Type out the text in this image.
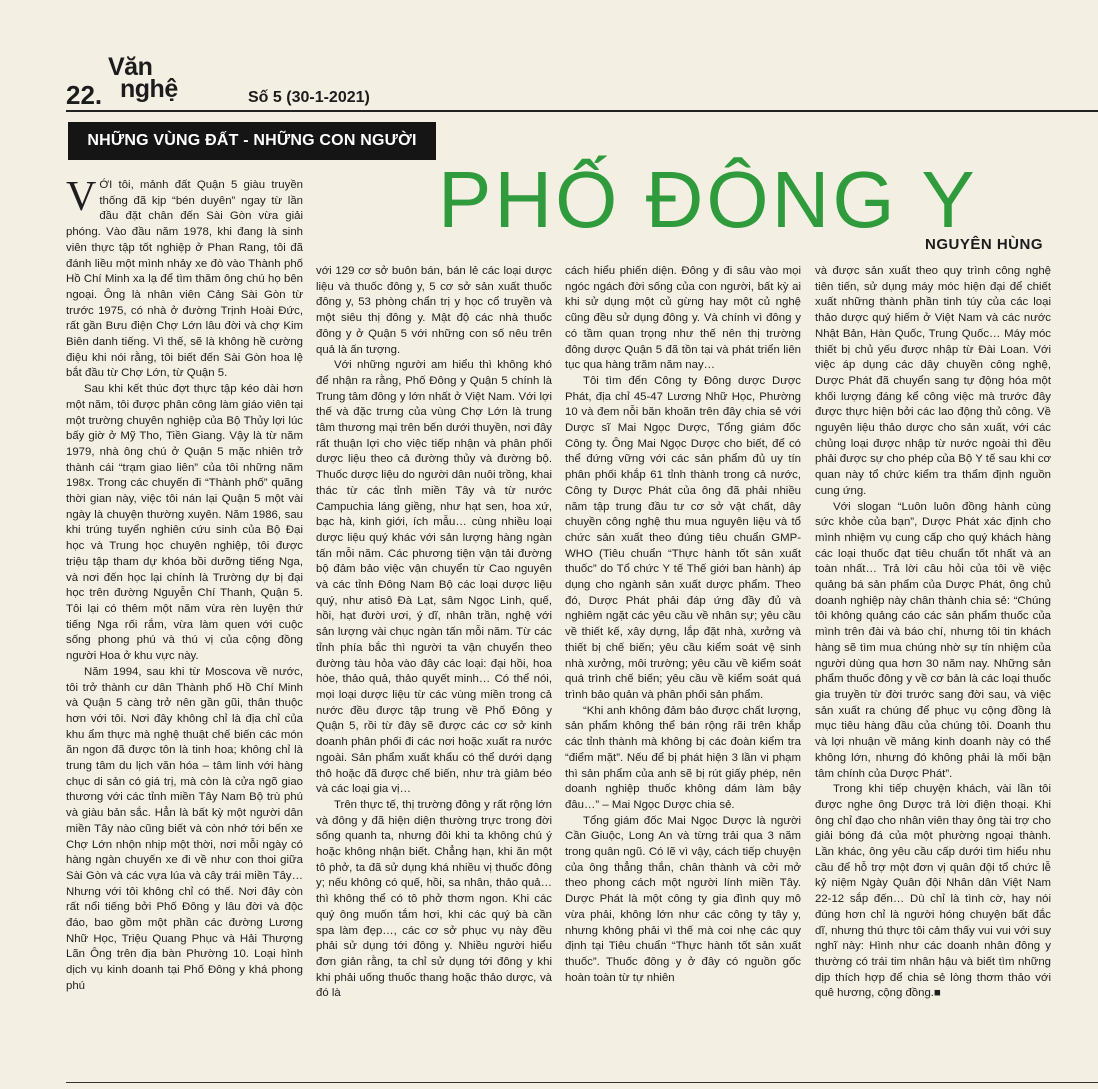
22.
Văn
nghệ	Số 5 (30-1-2021)
NHỮNG VÙNG ĐẤT - NHỮNG CON NGƯỜI
PHỐ ĐÔNG Y
NGUYÊN HÙNG

VỚI tôi, mảnh đất Quận 5 giàu truyền thống đã kịp “bén duyên” ngay từ lần đầu đặt chân đến Sài Gòn vừa giải phóng. Vào đầu năm 1978, khi đang là sinh viên thực tập tốt nghiệp ở Phan Rang, tôi đã đánh liều một mình nhảy xe đò vào Thành phố Hồ Chí Minh xa lạ để tìm thăm ông chú họ bên ngoại. Ông là nhân viên Cảng Sài Gòn từ trước 1975, có nhà ở đường Trịnh Hoài Đức, rất gần Bưu điện Chợ Lớn lâu đời và chợ Kim Biên danh tiếng. Vì thế, sẽ là không hề cường điệu khi nói rằng, tôi biết đến Sài Gòn hoa lệ bắt đầu từ Chợ Lớn, từ Quận 5.

Sau khi kết thúc đợt thực tập kéo dài hơn một năm, tôi được phân công làm giáo viên tại một trường chuyên nghiệp của Bộ Thủy lợi lúc bấy giờ ở Mỹ Tho, Tiền Giang. Vậy là từ năm 1979, nhà ông chú ở Quận 5 mặc nhiên trở thành cái “trạm giao liên” của tôi những năm 198x. Trong các chuyến đi “Thành phố” quãng thời gian này, việc tôi nán lại Quận 5 một vài ngày là chuyện thường xuyên. Năm 1986, sau khi trúng tuyển nghiên cứu sinh của Bộ Đại học và Trung học chuyên nghiệp, tôi được triệu tập tham dự khóa bồi dưỡng tiếng Nga, và nơi đến học lại chính là Trường dự bị đại học trên đường Nguyễn Chí Thanh, Quận 5. Tôi lại có thêm một năm vừa rèn luyện thứ tiếng Nga rối rắm, vừa làm quen với cuộc sống phong phú và thú vị của cộng đồng người Hoa ở khu vực này.

Năm 1994, sau khi từ Moscova về nước, tôi trở thành cư dân Thành phố Hồ Chí Minh và Quận 5 càng trở nên gần gũi, thân thuộc hơn với tôi. Nơi đây không chỉ là địa chỉ của khu ẩm thực mà nghệ thuật chế biến các món ăn ngon đã được tôn là tinh hoa; không chỉ là trung tâm du lịch văn hóa – tâm linh với hàng chục di sản có giá trị, mà còn là cửa ngõ giao thương với các tỉnh miền Tây Nam Bộ trù phú và giàu bản sắc. Hẳn là bất kỳ một người dân miền Tây nào cũng biết và còn nhớ tới bến xe Chợ Lớn nhộn nhịp một thời, nơi mỗi ngày có hàng ngàn chuyến xe đi về như con thoi giữa Sài Gòn và các vựa lúa và cây trái miền Tây… Nhưng với tôi không chỉ có thế. Nơi đây còn rất nổi tiếng bởi Phố Đông y lâu đời và độc đáo, bao gồm một phần các đường Lương Nhữ Học, Triệu Quang Phục và Hải Thượng Lãn Ông trên địa bàn Phường 10. Loại hình dịch vụ kinh doanh tại Phố Đông y khá phong phú

với 129 cơ sở buôn bán, bán lẻ các loại dược liệu và thuốc đông y, 5 cơ sở sản xuất thuốc đông y, 53 phòng chẩn trị y học cổ truyền và một siêu thị đông y. Mật độ các nhà thuốc đông y ở Quận 5 với những con số nêu trên quả là ấn tượng.

Với những người am hiểu thì không khó để nhận ra rằng, Phố Đông y Quận 5 chính là Trung tâm đông y lớn nhất ở Việt Nam. Với lợi thế và đặc trưng của vùng Chợ Lớn là trung tâm thương mại trên bến dưới thuyền, nơi đây rất thuận lợi cho việc tiếp nhận và phân phối dược liệu theo cả đường thủy và đường bộ. Thuốc dược liệu do người dân nuôi trồng, khai thác từ các tỉnh miền Tây và từ nước Campuchia láng giềng, như hạt sen, hoa xứ, bạc hà, kinh giới, ích mẫu… cùng nhiều loại dược liệu quý khác với sản lượng hàng ngàn tấn mỗi năm. Các phương tiện vận tải đường bộ đảm bảo việc vận chuyển từ Cao nguyên và các tỉnh Đông Nam Bộ các loại dược liệu quý, như atisô Đà Lạt, sâm Ngọc Linh, quế, hồi, hạt đười ươi, ý dĩ, nhân trần, nghệ với sản lượng vài chục ngàn tấn mỗi năm. Từ các tỉnh phía bắc thì người ta vận chuyển theo đường tàu hỏa vào đây các loại: đại hồi, hoa hòe, thảo quả, thảo quyết minh… Có thể nói, mọi loại dược liệu từ các vùng miền trong cả nước đều được tập trung về Phố Đông y Quận 5, rồi từ đây sẽ được các cơ sở kinh doanh phân phối đi các nơi hoặc xuất ra nước ngoài. Sản phẩm xuất khẩu có thể dưới dạng thô hoặc đã được chế biến, như trà giảm béo và các loại gia vị…

Trên thực tế, thị trường đông y rất rộng lớn và đông y đã hiện diện thường trực trong đời sống quanh ta, nhưng đôi khi ta không chú ý hoặc không nhận biết. Chẳng hạn, khi ăn một tô phở, ta đã sử dụng khá nhiều vị thuốc đông y; nếu không có quế, hồi, sa nhân, thảo quả… thì không thể có tô phở thơm ngon. Khi các quý ông muốn tắm hơi, khi các quý bà cần spa làm đẹp…, các cơ sở phục vụ này đều phải sử dụng tới đông y. Nhiều người hiểu đơn giản rằng, ta chỉ sử dụng tới đông y khi khi phải uống thuốc thang hoặc thảo dược, và đó là

cách hiểu phiến diện. Đông y đi sâu vào mọi ngóc ngách đời sống của con người, bất kỳ ai khi sử dụng một củ gừng hay một củ nghệ cũng đều sử dụng đông y. Và chính vì đông y có tầm quan trọng như thế nên thị trường đông dược Quận 5 đã tồn tại và phát triển liên tục qua hàng trăm năm nay…

Tôi tìm đến Công ty Đông dược Dược Phát, địa chỉ 45-47 Lương Nhữ Học, Phường 10 và đem nỗi băn khoăn trên đây chia sẻ với Dược sĩ Mai Ngọc Dược, Tổng giám đốc Công ty. Ông Mai Ngọc Dược cho biết, để có thể đứng vững với các sản phẩm đủ uy tín phân phối khắp 61 tỉnh thành trong cả nước, Công ty Dược Phát của ông đã phải nhiều năm tập trung đầu tư cơ sở vật chất, dây chuyền công nghệ thu mua nguyên liệu và tổ chức sản xuất theo đúng tiêu chuẩn GMP-WHO (Tiêu chuẩn “Thực hành tốt sản xuất thuốc” do Tổ chức Y tế Thế giới ban hành) áp dụng cho ngành sản xuất dược phẩm. Theo đó, Dược Phát phải đáp ứng đầy đủ và nghiêm ngặt các yêu cầu về nhân sự; yêu cầu về thiết kế, xây dựng, lắp đặt nhà, xưởng và thiết bị chế biến; yêu cầu kiểm soát vệ sinh nhà xưởng, môi trường; yêu cầu về kiểm soát quá trình chế biến; yêu cầu về kiểm soát quá trình bảo quản và phân phối sản phẩm.

“Khi anh không đảm bảo được chất lượng, sản phẩm không thể bán rộng rãi trên khắp các tỉnh thành mà không bị các đoàn kiểm tra “điểm mặt”. Nếu để bị phát hiện 3 lần vi phạm thì sản phẩm của anh sẽ bị rút giấy phép, nên doanh nghiệp thuốc không dám làm bậy đâu…” – Mai Ngọc Dược chia sẻ.

Tổng giám đốc Mai Ngọc Dược là người Cần Giuộc, Long An và từng trải qua 3 năm trong quân ngũ. Có lẽ vì vậy, cách tiếp chuyện của ông thẳng thắn, chân thành và cởi mở theo phong cách một người lính miền Tây. Dược Phát là một công ty gia đình quy mô vừa phải, không lớn như các công ty tây y, nhưng không phải vì thế mà coi nhẹ các quy định tại Tiêu chuẩn “Thực hành tốt sản xuất thuốc”. Thuốc đông y ở đây có nguồn gốc hoàn toàn từ tự nhiên

và được sản xuất theo quy trình công nghệ tiên tiến, sử dụng máy móc hiện đại để chiết xuất những thành phần tinh túy của các loại thảo dược quý hiếm ở Việt Nam và các nước Nhật Bản, Hàn Quốc, Trung Quốc… Máy móc thiết bị chủ yếu được nhập từ Đài Loan. Với việc áp dụng các dây chuyền công nghệ, Dược Phát đã chuyển sang tự động hóa một khối lượng đáng kể công việc mà trước đây được thực hiện bởi các lao động thủ công. Về nguyên liệu thảo dược cho sản xuất, với các chủng loại được nhập từ nước ngoài thì đều phải được sự cho phép của Bộ Y tế sau khi cơ quan này tổ chức kiểm tra thẩm định nguồn cung ứng.

Với slogan “Luôn luôn đồng hành cùng sức khỏe của bạn”, Dược Phát xác định cho mình nhiệm vụ cung cấp cho quý khách hàng các loại thuốc đạt tiêu chuẩn tốt nhất và an toàn nhất… Trả lời câu hỏi của tôi về việc quảng bá sản phẩm của Dược Phát, ông chủ doanh nghiệp này chân thành chia sẻ: “Chúng tôi không quảng cáo các sản phẩm thuốc của mình trên đài và báo chí, nhưng tôi tin khách hàng sẽ tìm mua chúng nhờ sự tín nhiệm của người dùng qua hơn 30 năm nay. Những sản phẩm thuốc đông y về cơ bản là các loại thuốc gia truyền từ đời trước sang đời sau, và việc sản xuất ra chúng để phục vụ cộng đồng là mục tiêu hàng đầu của chúng tôi. Doanh thu và lợi nhuận về mảng kinh doanh này có thể không lớn, nhưng đó không phải là mối bận tâm chính của Dược Phát”.

Trong khi tiếp chuyện khách, vài lần tôi được nghe ông Dược trả lời điện thoại. Khi ông chỉ đạo cho nhân viên thay ông tài trợ cho giải bóng đá của một phường ngoại thành. Lần khác, ông yêu cầu cấp dưới tìm hiểu nhu cầu để hỗ trợ một đơn vị quân đội tổ chức lễ kỷ niệm Ngày Quân đội Nhân dân Việt Nam 22-12 sắp đến… Dù chỉ là tình cờ, hay nói đúng hơn chỉ là người hóng chuyện bất đắc dĩ, nhưng thú thực tôi cảm thấy vui vui với suy nghĩ này: Hình như các doanh nhân đông y thường có trái tim nhân hậu và biết tìm những dịp thích hợp để chia sẻ lòng thơm thảo với quê hương, cộng đồng.■
